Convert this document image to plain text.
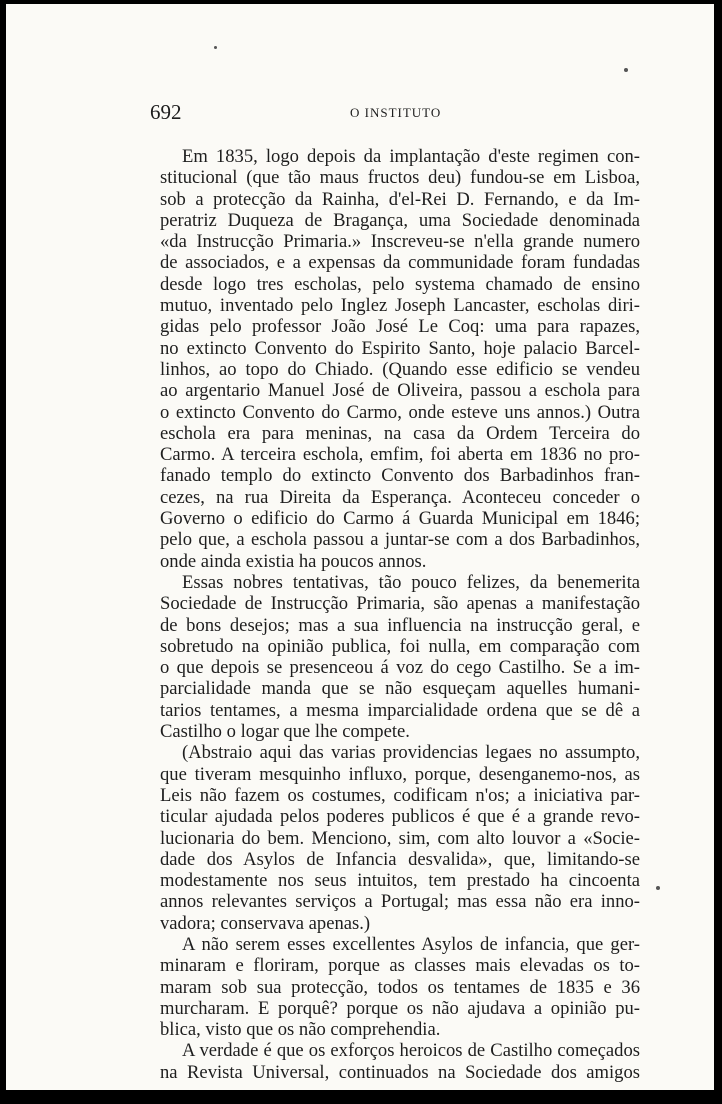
692	O INSTITUTO
Em 1835, logo depois da implantação d'este regimen con-
stitucional (que tão maus fructos deu) fundou-se em Lisboa,
sob a protecção da Rainha, d'el-Rei D. Fernando, e da Im-
peratriz Duqueza de Bragança, uma Sociedade denominada
«da Instrucção Primaria.» Inscreveu-se n'ella grande numero
de associados, e a expensas da communidade foram fundadas
desde logo tres escholas, pelo systema chamado de ensino
mutuo, inventado pelo Inglez Joseph Lancaster, escholas diri-
gidas pelo professor João José Le Coq: uma para rapazes,
no extincto Convento do Espirito Santo, hoje palacio Barcel-
linhos, ao topo do Chiado. (Quando esse edificio se vendeu
ao argentario Manuel José de Oliveira, passou a eschola para
o extincto Convento do Carmo, onde esteve uns annos.) Outra
eschola era para meninas, na casa da Ordem Terceira do
Carmo. A terceira eschola, emfim, foi aberta em 1836 no pro-
fanado templo do extincto Convento dos Barbadinhos fran-
cezes, na rua Direita da Esperança. Aconteceu conceder o
Governo o edificio do Carmo á Guarda Municipal em 1846;
pelo que, a eschola passou a juntar-se com a dos Barbadinhos,
onde ainda existia ha poucos annos.
Essas nobres tentativas, tão pouco felizes, da benemerita
Sociedade de Instrucção Primaria, são apenas a manifestação
de bons desejos; mas a sua influencia na instrucção geral, e
sobretudo na opinião publica, foi nulla, em comparação com
o que depois se presenceou á voz do cego Castilho. Se a im-
parcialidade manda que se não esqueçam aquelles humani-
tarios tentames, a mesma imparcialidade ordena que se dê a
Castilho o logar que lhe compete.
(Abstraio aqui das varias providencias legaes no assumpto,
que tiveram mesquinho influxo, porque, desenganemo-nos, as
Leis não fazem os costumes, codificam n'os; a iniciativa par-
ticular ajudada pelos poderes publicos é que é a grande revo-
lucionaria do bem. Menciono, sim, com alto louvor a «Socie-
dade dos Asylos de Infancia desvalida», que, limitando-se
modestamente nos seus intuitos, tem prestado ha cincoenta
annos relevantes serviços a Portugal; mas essa não era inno-
vadora; conservava apenas.)
A não serem esses excellentes Asylos de infancia, que ger-
minaram e floriram, porque as classes mais elevadas os to-
maram sob sua protecção, todos os tentames de 1835 e 36
murcharam. E porquê? porque os não ajudava a opinião pu-
blica, visto que os não comprehendia.
A verdade é que os exforços heroicos de Castilho começados
na Revista Universal, continuados na Sociedade dos amigos
